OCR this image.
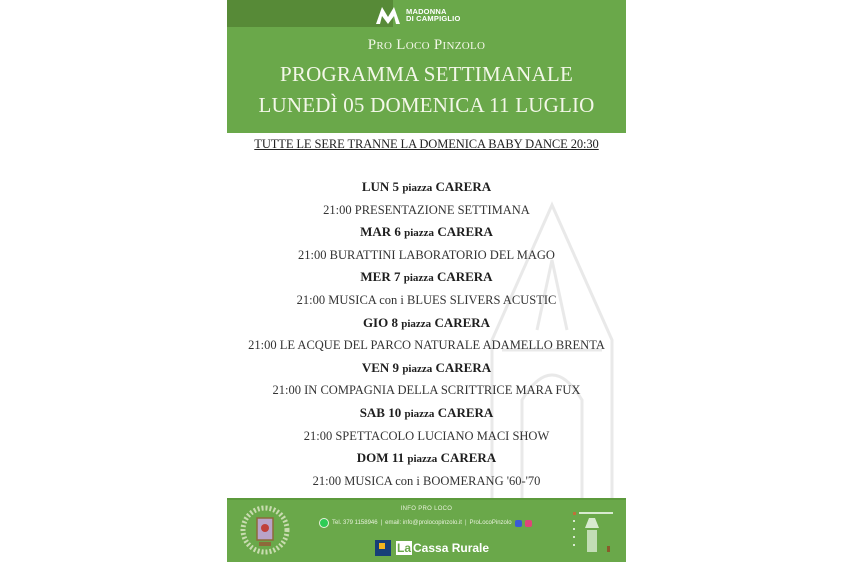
MADONNA
DI CAMPIGLIO
Pro Loco Pinzolo
PROGRAMMA SETTIMANALE
LUNEDÌ 05 DOMENICA 11 LUGLIO
TUTTE LE SERE TRANNE LA DOMENICA BABY DANCE 20:30
LUN 5 piazza CARERA
21:00 PRESENTAZIONE SETTIMANA
MAR 6 piazza CARERA
21:00 BURATTINI LABORATORIO DEL MAGO
MER 7 piazza CARERA
21:00 MUSICA con i BLUES SLIVERS ACUSTIC
GIO 8 piazza CARERA
21:00 LE ACQUE DEL PARCO NATURALE ADAMELLO BRENTA
VEN 9 piazza CARERA
21:00 IN COMPAGNIA DELLA SCRITTRICE MARA FUX
SAB 10 piazza CARERA
21:00 SPETTACOLO LUCIANO MACI SHOW
DOM 11 piazza CARERA
21:00 MUSICA con i BOOMERANG '60-'70
INFO PRO LOCO
Tel. 379 1158946 | email: info@prolocopinzolo.it | ProLocoPinzolo
La Cassa Rurale
